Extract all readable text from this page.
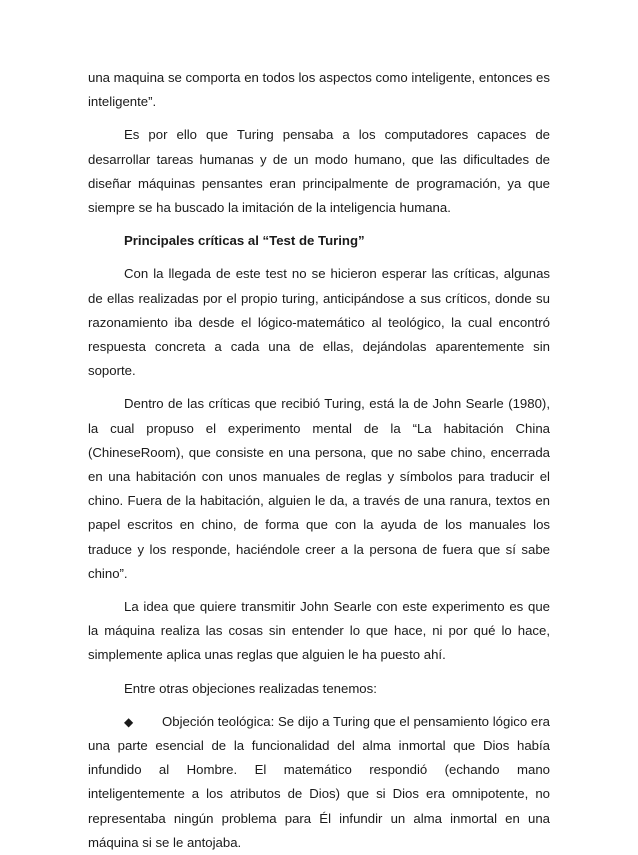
una maquina se comporta en todos los aspectos como inteligente, entonces es inteligente”.

Es por ello que Turing pensaba a los computadores capaces de desarrollar tareas humanas y de un modo humano, que las dificultades de diseñar máquinas pensantes eran principalmente de programación, ya que siempre se ha buscado la imitación de la inteligencia humana.

Principales críticas al “Test de Turing”

Con la llegada de este test no se hicieron esperar las críticas, algunas de ellas realizadas por el propio turing, anticipándose a sus críticos, donde su razonamiento iba desde el lógico-matemático al teológico, la cual encontró respuesta concreta a cada una de ellas, dejándolas aparentemente sin soporte.

Dentro de las críticas que recibió Turing, está la de John Searle (1980), la cual propuso el experimento mental de la “La habitación China (ChineseRoom), que consiste en una persona, que no sabe chino, encerrada en una habitación con unos manuales de reglas y símbolos para traducir el chino. Fuera de la habitación, alguien le da, a través de una ranura, textos en papel escritos en chino, de forma que con la ayuda de los manuales los traduce y los responde, haciéndole creer a la persona de fuera que sí sabe chino”.

La idea que quiere transmitir John Searle con este experimento es que la máquina realiza las cosas sin entender lo que hace, ni por qué lo hace, simplemente aplica unas reglas que alguien le ha puesto ahí.

Entre otras objeciones realizadas tenemos:

◆ Objeción teológica: Se dijo a Turing que el pensamiento lógico era una parte esencial de la funcionalidad del alma inmortal que Dios había infundido al Hombre. El matemático respondió (echando mano inteligentemente a los atributos de Dios) que si Dios era omnipotente, no representaba ningún problema para Él infundir un alma inmortal en una máquina si se le antojaba.
